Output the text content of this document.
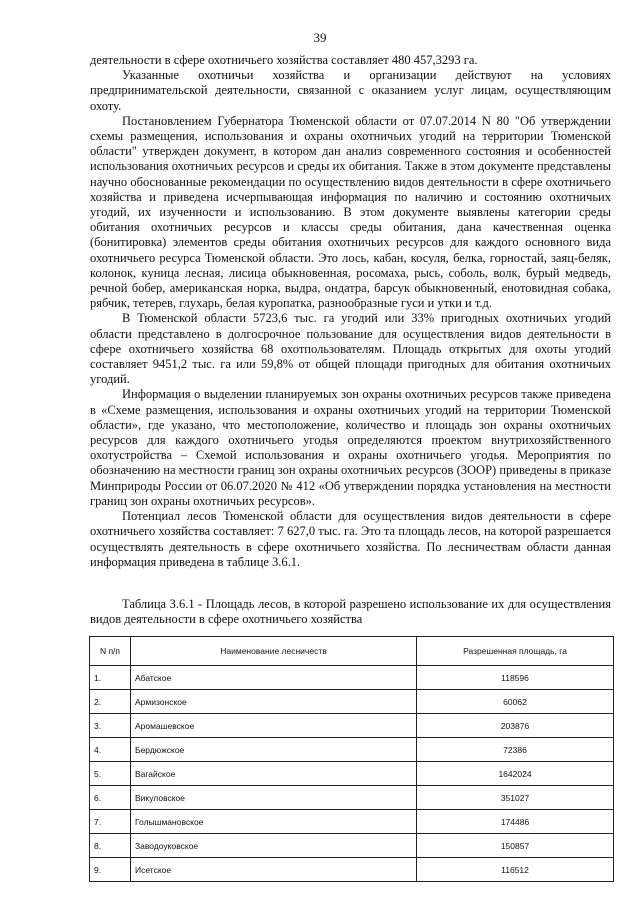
39

деятельности в сфере охотничьего хозяйства составляет 480 457,3293 га.

Указанные охотничьи хозяйства и организации действуют на условиях предпринимательской деятельности, связанной с оказанием услуг лицам, осуществляющим охоту.

Постановлением Губернатора Тюменской области от 07.07.2014 N 80 "Об утверждении схемы размещения, использования и охраны охотничьих угодий на территории Тюменской области" утвержден документ, в котором дан анализ современного состояния и особенностей использования охотничьих ресурсов и среды их обитания. Также в этом документе представлены научно обоснованные рекомендации по осуществлению видов деятельности в сфере охотничьего хозяйства и приведена исчерпывающая информация по наличию и состоянию охотничьих угодий, их изученности и использованию. В этом документе выявлены категории среды обитания охотничьих ресурсов и классы среды обитания, дана качественная оценка (бонитировка) элементов среды обитания охотничьих ресурсов для каждого основного вида охотничьего ресурса Тюменской области. Это лось, кабан, косуля, белка, горностай, заяц-беляк, колонок, куница лесная, лисица обыкновенная, росомаха, рысь, соболь, волк, бурый медведь, речной бобер, американская норка, выдра, ондатра, барсук обыкновенный, енотовидная собака, рябчик, тетерев, глухарь, белая куропатка, разнообразные гуси и утки и т.д.

В Тюменской области 5723,6 тыс. га угодий или 33% пригодных охотничьих угодий области представлено в долгосрочное пользование для осуществления видов деятельности в сфере охотничьего хозяйства 68 охотпользователям. Площадь открытых для охоты угодий составляет 9451,2 тыс. га или 59,8% от общей площади пригодных для обитания охотничьих угодий.

Информация о выделении планируемых зон охраны охотничьих ресурсов также приведена в «Схеме размещения, использования и охраны охотничьих угодий на территории Тюменской области», где указано, что местоположение, количество и площадь зон охраны охотничьих ресурсов для каждого охотничьего угодья определяются проектом внутрихозяйственного охотустройства – Схемой использования и охраны охотничьего угодья. Мероприятия по обозначению на местности границ зон охраны охотничьих ресурсов (ЗООР) приведены в приказе Минприроды России от 06.07.2020 № 412 «Об утверждении порядка установления на местности границ зон охраны охотничьих ресурсов».

Потенциал лесов Тюменской области для осуществления видов деятельности в сфере охотничьего хозяйства составляет: 7 627,0 тыс. га. Это та площадь лесов, на которой разрешается осуществлять деятельность в сфере охотничьего хозяйства. По лесничествам области данная информация приведена в таблице 3.6.1.

Таблица 3.6.1 - Площадь лесов, в которой разрешено использование их для осуществления видов деятельности в сфере охотничьего хозяйства
N п/п	Наименование лесничеств	Разрешенная площадь, га
1.	Абатское	118596
2.	Армизонское	60062
3.	Аромашевское	203876
4.	Бердюжское	72386
5.	Вагайское	1642024
6.	Викуловское	351027
7.	Голышмановское	174486
8.	Заводоуковское	150857
9.	Исетское	116512
